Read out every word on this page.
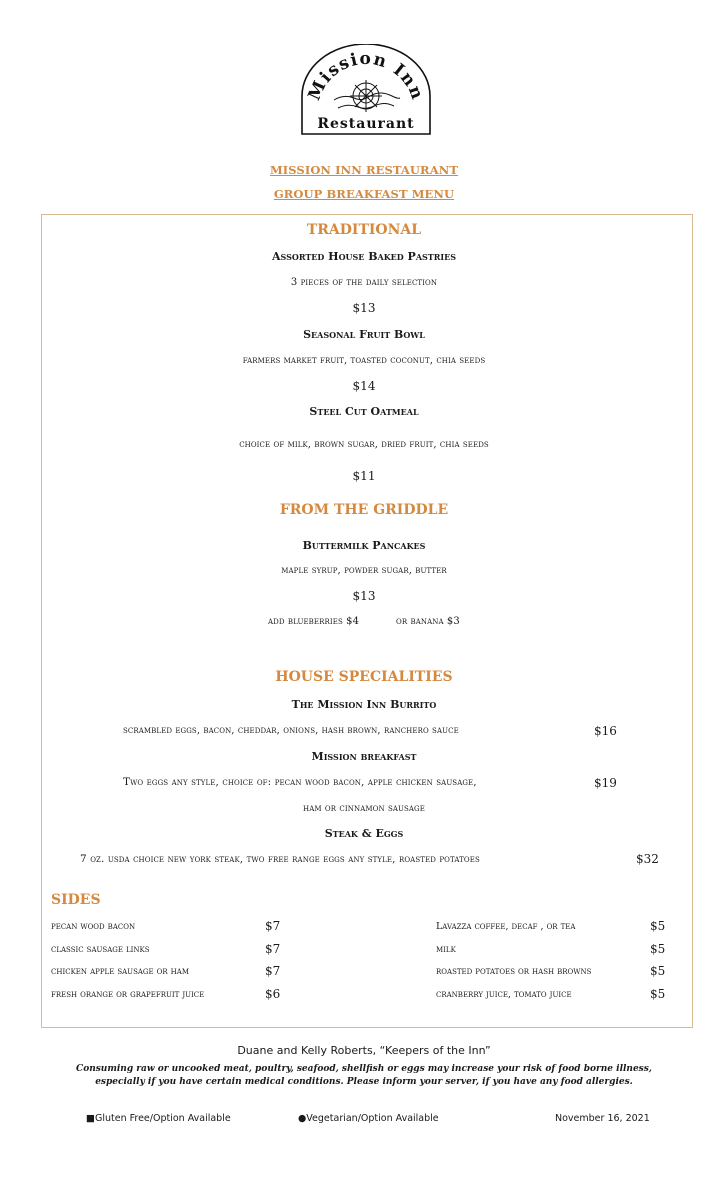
Mission Inn
Restaurant
MISSION INN RESTAURANT
GROUP BREAKFAST MENU
TRADITIONAL
Assorted House Baked Pastries
3 pieces of the daily selection
$13
Seasonal Fruit Bowl
farmers market fruit, toasted coconut, chia seeds
$14
Steel Cut Oatmeal
choice of milk, brown sugar, dried fruit, chia seeds
$11
FROM THE GRIDDLE
Buttermilk Pancakes
maple syrup, powder sugar, butter
$13
add blueberries $4	or banana $3
HOUSE SPECIALITIES
The Mission Inn Burrito
scrambled eggs, bacon, cheddar, onions, hash brown, ranchero sauce	$16
Mission breakfast
Two eggs any style, choice of: pecan wood bacon, apple chicken sausage,	$19
ham or cinnamon sausage
Steak & Eggs
7 oz. usda choice new york steak, two free range eggs any style, roasted potatoes	$32
SIDES
pecan wood bacon	$7
classic sausage links	$7
chicken apple sausage or ham	$7
fresh orange or grapefruit juice	$6
Lavazza coffee, decaf , or tea	$5
milk	$5
roasted potatoes or hash browns	$5
cranberry juice, tomato juice	$5
Duane and Kelly Roberts, “Keepers of the Inn”
Consuming raw or uncooked meat, poultry, seafood, shellfish or eggs may increase your risk of food borne illness,
especially if you have certain medical conditions. Please inform your server, if you have any food allergies.
■Gluten Free/Option Available	●Vegetarian/Option Available	November 16, 2021
